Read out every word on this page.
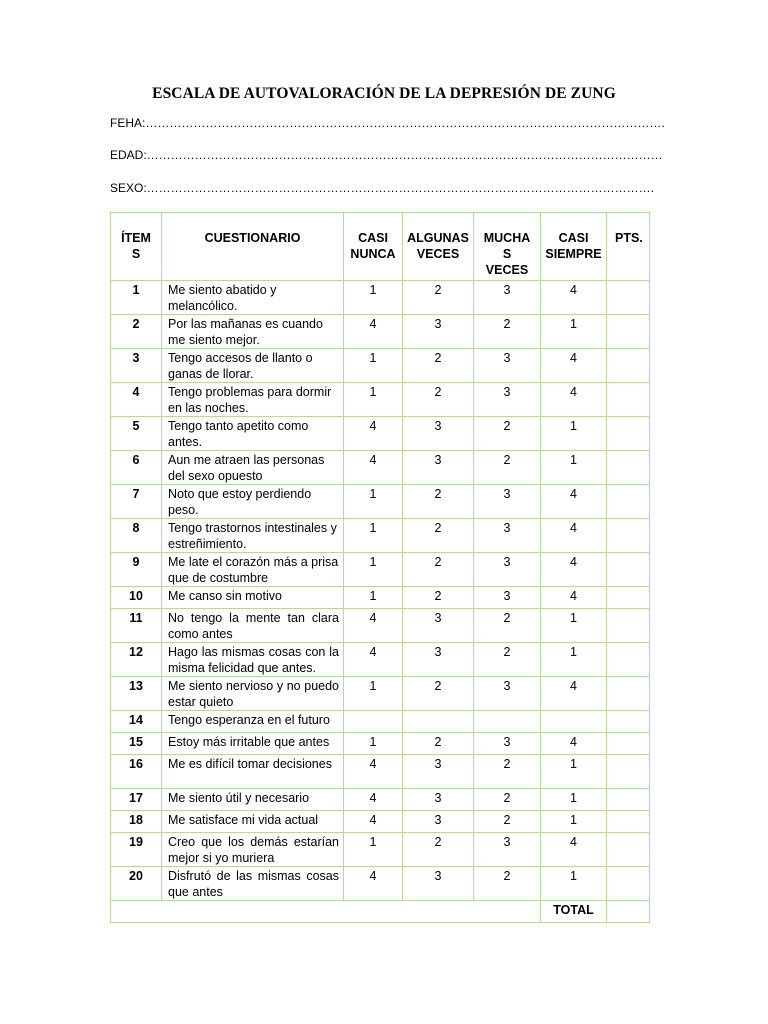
ESCALA DE AUTOVALORACIÓN DE LA DEPRESIÓN DE ZUNG
FEHA:………………………………………………………………………………………………………………….
EDAD:…………………………………………………………………………………………………………………
SEXO:……………………………………………………………………………………………………………….
ÍTEM S	CUESTIONARIO	CASI NUNCA	ALGUNAS VECES	MUCHA S VECES	CASI SIEMPRE	PTS.
1	Me siento abatido y melancólico.	1	2	3	4	
2	Por las mañanas es cuando me siento mejor.	4	3	2	1	
3	Tengo accesos de llanto o ganas de llorar.	1	2	3	4	
4	Tengo problemas para dormir en las noches.	1	2	3	4	
5	Tengo tanto apetito como antes.	4	3	2	1	
6	Aun me atraen las personas del sexo opuesto	4	3	2	1	
7	Noto que estoy perdiendo peso.	1	2	3	4	
8	Tengo trastornos intestinales y estreñimiento.	1	2	3	4	
9	Me late el corazón más a prisa que de costumbre	1	2	3	4	
10	Me canso sin motivo	1	2	3	4	
11	No tengo la mente tan clara como antes	4	3	2	1	
12	Hago las mismas cosas con la misma felicidad que antes.	4	3	2	1	
13	Me siento nervioso y no puedo estar quieto	1	2	3	4	
14	Tengo esperanza en el futuro					
15	Estoy más irritable que antes	1	2	3	4	
16	Me es difícil tomar decisiones	4	3	2	1	
17	Me siento útil y necesario	4	3	2	1	
18	Me satisface mi vida actual	4	3	2	1	
19	Creo que los demás estarían mejor si yo muriera	1	2	3	4	
20	Disfrutó de las mismas cosas que antes	4	3	2	1	
					TOTAL	
